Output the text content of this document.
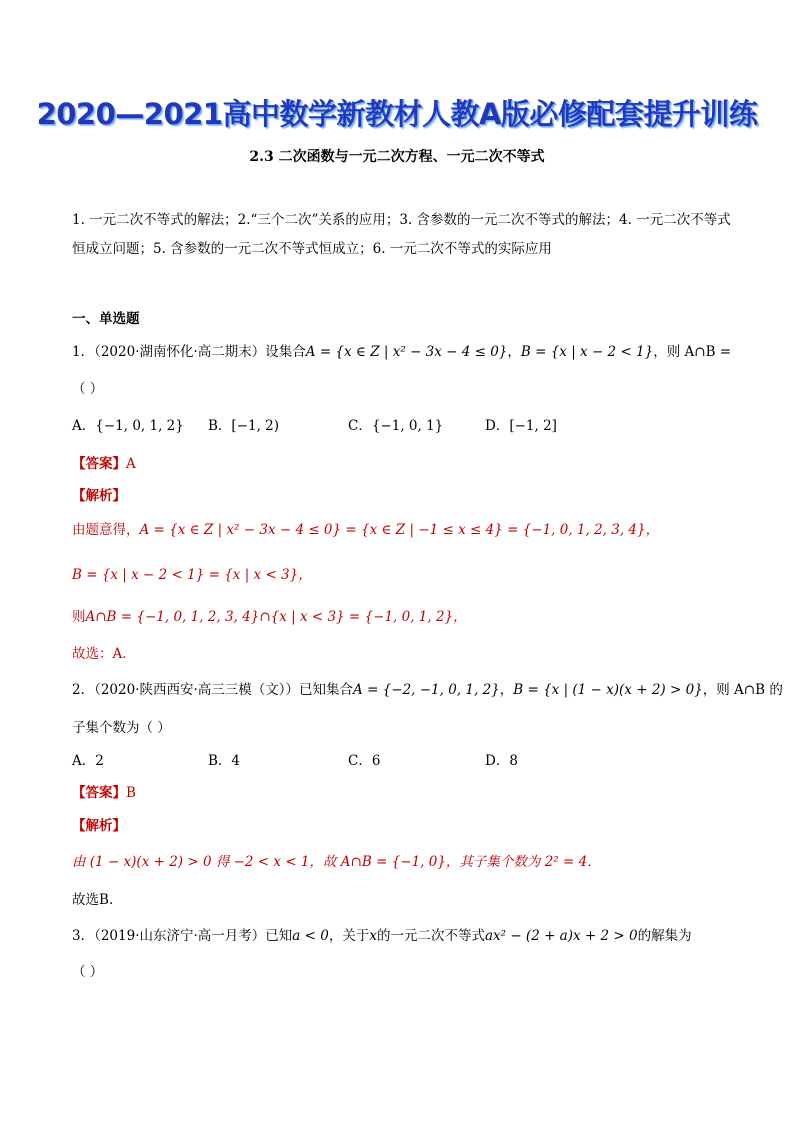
2020—2021高中数学新教材人教A版必修配套提升训练
2.3 二次函数与一元二次方程、一元二次不等式
1. 一元二次不等式的解法；2.“三个二次”关系的应用；3. 含参数的一元二次不等式的解法；4. 一元二次不等式恒成立问题；5. 含参数的一元二次不等式恒成立；6. 一元二次不等式的实际应用
一、单选题
1．（2020·湖南怀化·高二期末）设集合A = {x ∈ Z | x² − 3x − 4 ≤ 0}，B = {x | x − 2 < 1}，则 A∩B =
（ ）
A．{−1, 0, 1, 2} B．[−1, 2)	C．{−1, 0, 1}	D．[−1, 2]
【答案】A
【解析】
由题意得，A = {x ∈ Z | x² − 3x − 4 ≤ 0} = {x ∈ Z | −1 ≤ x ≤ 4} = {−1, 0, 1, 2, 3, 4}，
B = {x | x − 2 < 1} = {x | x < 3}，
则A∩B = {−1, 0, 1, 2, 3, 4}∩{x | x < 3} = {−1, 0, 1, 2}，
故选：A．
2．（2020·陕西西安·高三三模（文））已知集合A = {−2, −1, 0, 1, 2}，B = {x | (1 − x)(x + 2) > 0}，则 A∩B 的
子集个数为（ ）
A．2	B．4	C．6	D．8
【答案】B
【解析】
由 (1 − x)(x + 2) > 0 得 −2 < x < 1，故 A∩B = {−1, 0}，其子集个数为 2² = 4．
故选B.
3．（2019·山东济宁·高一月考）已知a < 0，关于x的一元二次不等式ax² − (2 + a)x + 2 > 0的解集为
（ ）
